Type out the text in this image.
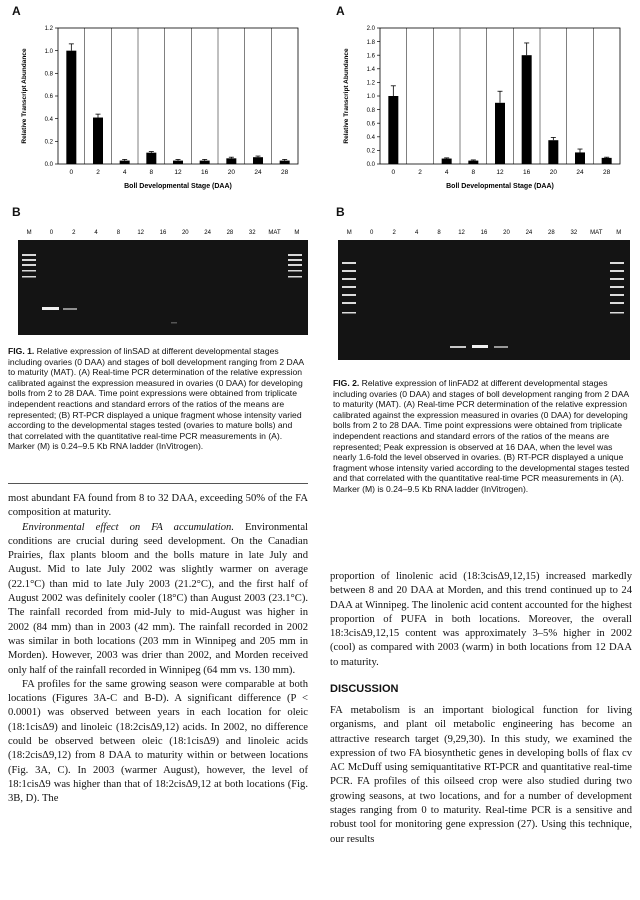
A
0.0
0.2
0.4
0.6
0.8
1.0
1.2
Relative Transcript Abundance
0	2	4	8	12	16	20	24	28
Boll Developmental Stage (DAA)
B
M	0	2	4	8	12	16	20	24	28	32	MAT	M
FIG. 1. Relative expression of linSAD at different developmental stages including ovaries (0 DAA) and stages of boll development ranging from 2 DAA to maturity (MAT). (A) Real-time PCR determination of the relative expression calibrated against the expression measured in ovaries (0 DAA) for developing bolls from 2 to 28 DAA. Time point expressions were obtained from triplicate independent reactions and standard errors of the ratios of the means are represented; (B) RT-PCR displayed a unique fragment whose intensity varied according to the developmental stages tested (ovaries to mature bolls) and that correlated with the quantitative real-time PCR measurements in (A). Marker (M) is 0.24–9.5 Kb RNA ladder (InVitrogen).
A
0.0
0.2
0.4
0.6
0.8
1.0
1.2
1.4
1.6
1.8
2.0
Relative Transcript Abundance
0	2	4	8	12	16	20	24	28
Boll Developmental Stage (DAA)
B
M	0	2	4	8	12	16	20	24	28	32	MAT	M
FIG. 2. Relative expression of linFAD2 at different developmental stages including ovaries (0 DAA) and stages of boll development ranging from 2 DAA to maturity (MAT). (A) Real-time PCR determination of the relative expression calibrated against the expression measured in ovaries (0 DAA) for developing bolls from 2 to 28 DAA. Time point expressions were obtained from triplicate independent reactions and standard errors of the ratios of the means are represented; Peak expression is observed at 16 DAA, when the level was nearly 1.6-fold the level observed in ovaries. (B) RT-PCR displayed a unique fragment whose intensity varied according to the developmental stages tested and that correlated with the quantitative real-time PCR measurements in (A). Marker (M) is 0.24–9.5 Kb RNA ladder (InVitrogen).

most abundant FA found from 8 to 32 DAA, exceeding 50% of the FA composition at maturity.

Environmental effect on FA accumulation. Environmental conditions are crucial during seed development. On the Canadian Prairies, flax plants bloom and the bolls mature in late July and August. Mid to late July 2002 was slightly warmer on average (22.1°C) than mid to late July 2003 (21.2°C), and the first half of August 2002 was definitely cooler (18°C) than August 2003 (23.1°C). The rainfall recorded from mid-July to mid-August was higher in 2002 (84 mm) than in 2003 (42 mm). The rainfall recorded in 2002 was similar in both locations (203 mm in Winnipeg and 205 mm in Morden). However, 2003 was drier than 2002, and Morden received only half of the rainfall recorded in Winnipeg (64 mm vs. 130 mm).

FA profiles for the same growing season were comparable at both locations (Figures 3A-C and B-D). A significant difference (P < 0.0001) was observed between years in each location for oleic (18:1cisΔ9) and linoleic (18:2cisΔ9,12) acids. In 2002, no difference could be observed between oleic (18:1cisΔ9) and linoleic acids (18:2cisΔ9,12) from 8 DAA to maturity within or between locations (Fig. 3A, C). In 2003 (warmer August), however, the level of 18:1cisΔ9 was higher than that of 18:2cisΔ9,12 at both locations (Fig. 3B, D). The

proportion of linolenic acid (18:3cisΔ9,12,15) increased markedly between 8 and 20 DAA at Morden, and this trend continued up to 24 DAA at Winnipeg. The linolenic acid content accounted for the highest proportion of PUFA in both locations. Moreover, the overall 18:3cisΔ9,12,15 content was approximately 3–5% higher in 2002 (cool) as compared with 2003 (warm) in both locations from 12 DAA to maturity.

DISCUSSION

FA metabolism is an important biological function for living organisms, and plant oil metabolic engineering has become an attractive research target (9,29,30). In this study, we examined the expression of two FA biosynthetic genes in developing bolls of flax cv AC McDuff using semiquantitative RT-PCR and quantitative real-time PCR. FA profiles of this oilseed crop were also studied during two growing seasons, at two locations, and for a number of development stages ranging from 0 to maturity. Real-time PCR is a sensitive and robust tool for monitoring gene expression (27). Using this technique, our results
